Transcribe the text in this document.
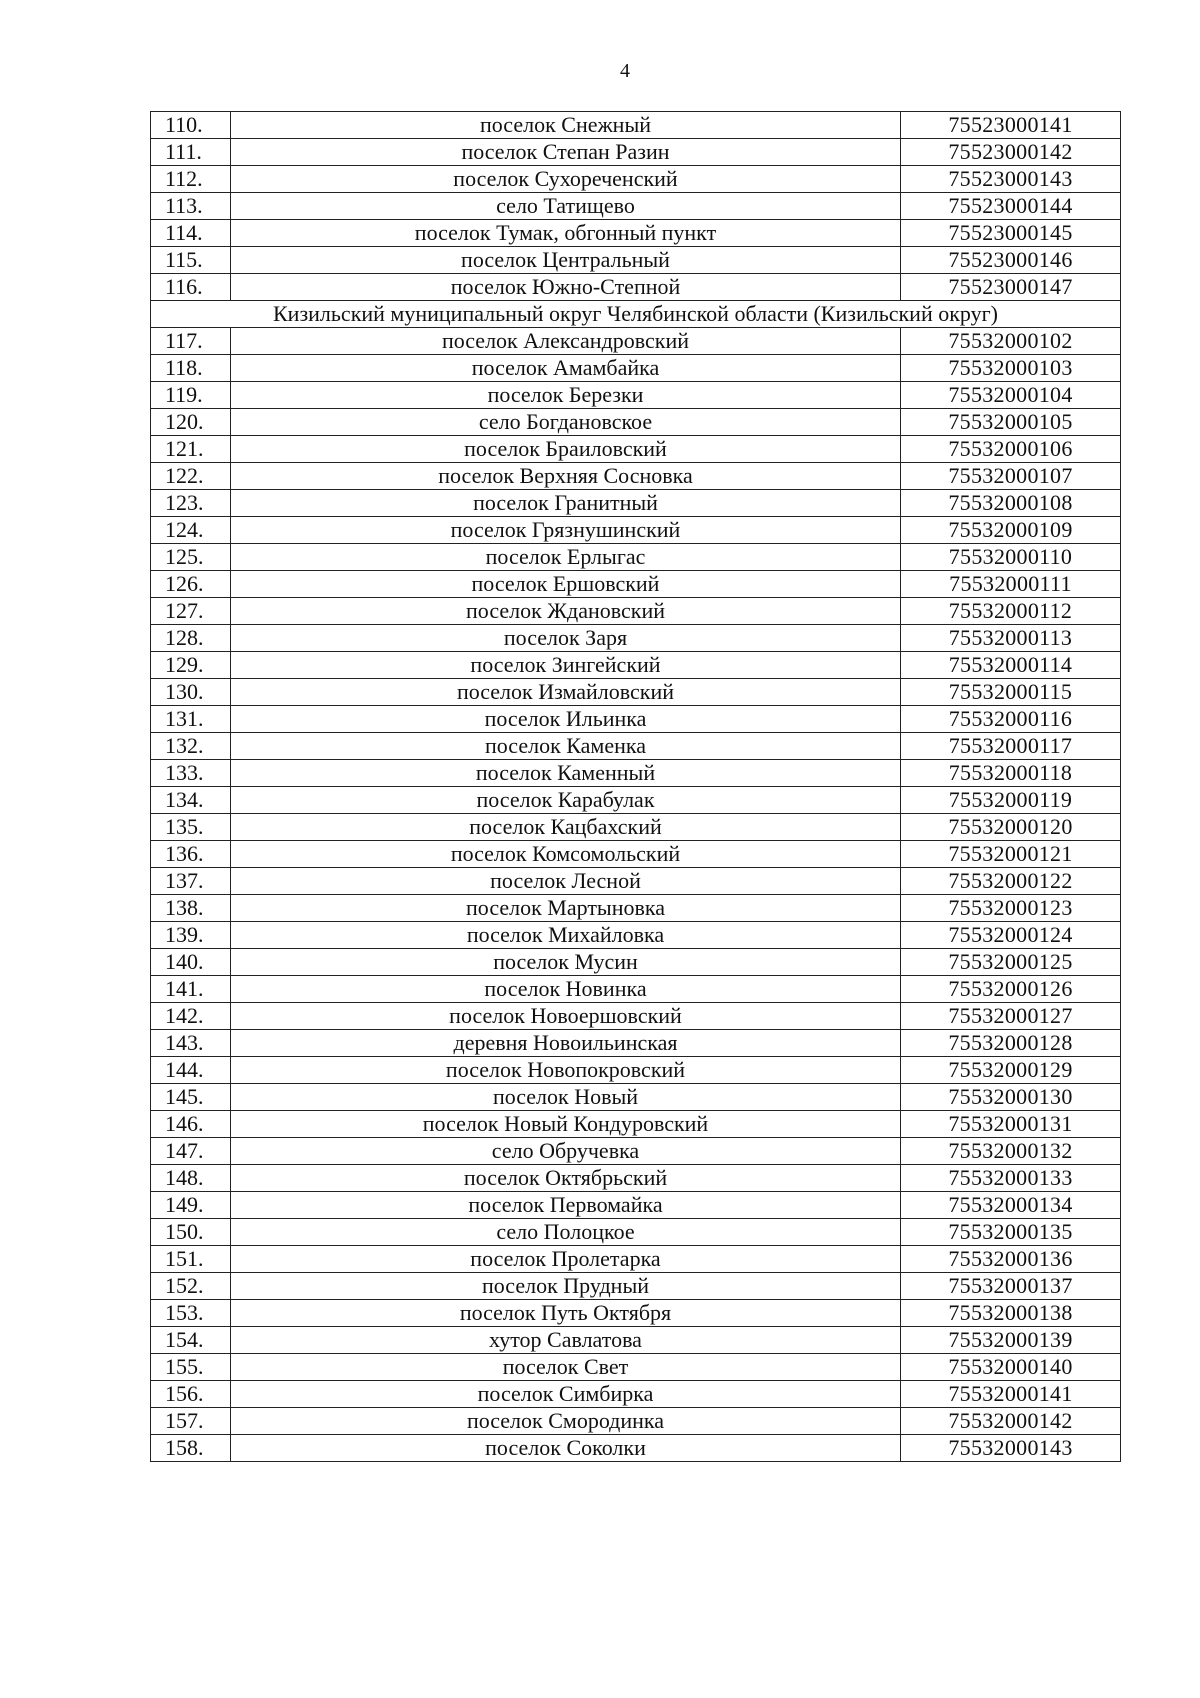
4
110.	поселок Снежный	75523000141
111.	поселок Степан Разин	75523000142
112.	поселок Сухореченский	75523000143
113.	село Татищево	75523000144
114.	поселок Тумак, обгонный пункт	75523000145
115.	поселок Центральный	75523000146
116.	поселок Южно-Степной	75523000147
Кизильский муниципальный округ Челябинской области (Кизильский округ)		
117.	поселок Александровский	75532000102
118.	поселок Амамбайка	75532000103
119.	поселок Березки	75532000104
120.	село Богдановское	75532000105
121.	поселок Браиловский	75532000106
122.	поселок Верхняя Сосновка	75532000107
123.	поселок Гранитный	75532000108
124.	поселок Грязнушинский	75532000109
125.	поселок Ерлыгас	75532000110
126.	поселок Ершовский	75532000111
127.	поселок Ждановский	75532000112
128.	поселок Заря	75532000113
129.	поселок Зингейский	75532000114
130.	поселок Измайловский	75532000115
131.	поселок Ильинка	75532000116
132.	поселок Каменка	75532000117
133.	поселок Каменный	75532000118
134.	поселок Карабулак	75532000119
135.	поселок Кацбахский	75532000120
136.	поселок Комсомольский	75532000121
137.	поселок Лесной	75532000122
138.	поселок Мартыновка	75532000123
139.	поселок Михайловка	75532000124
140.	поселок Мусин	75532000125
141.	поселок Новинка	75532000126
142.	поселок Новоершовский	75532000127
143.	деревня Новоильинская	75532000128
144.	поселок Новопокровский	75532000129
145.	поселок Новый	75532000130
146.	поселок Новый Кондуровский	75532000131
147.	село Обручевка	75532000132
148.	поселок Октябрьский	75532000133
149.	поселок Первомайка	75532000134
150.	село Полоцкое	75532000135
151.	поселок Пролетарка	75532000136
152.	поселок Прудный	75532000137
153.	поселок Путь Октября	75532000138
154.	хутор Савлатова	75532000139
155.	поселок Свет	75532000140
156.	поселок Симбирка	75532000141
157.	поселок Смородинка	75532000142
158.	поселок Соколки	75532000143
